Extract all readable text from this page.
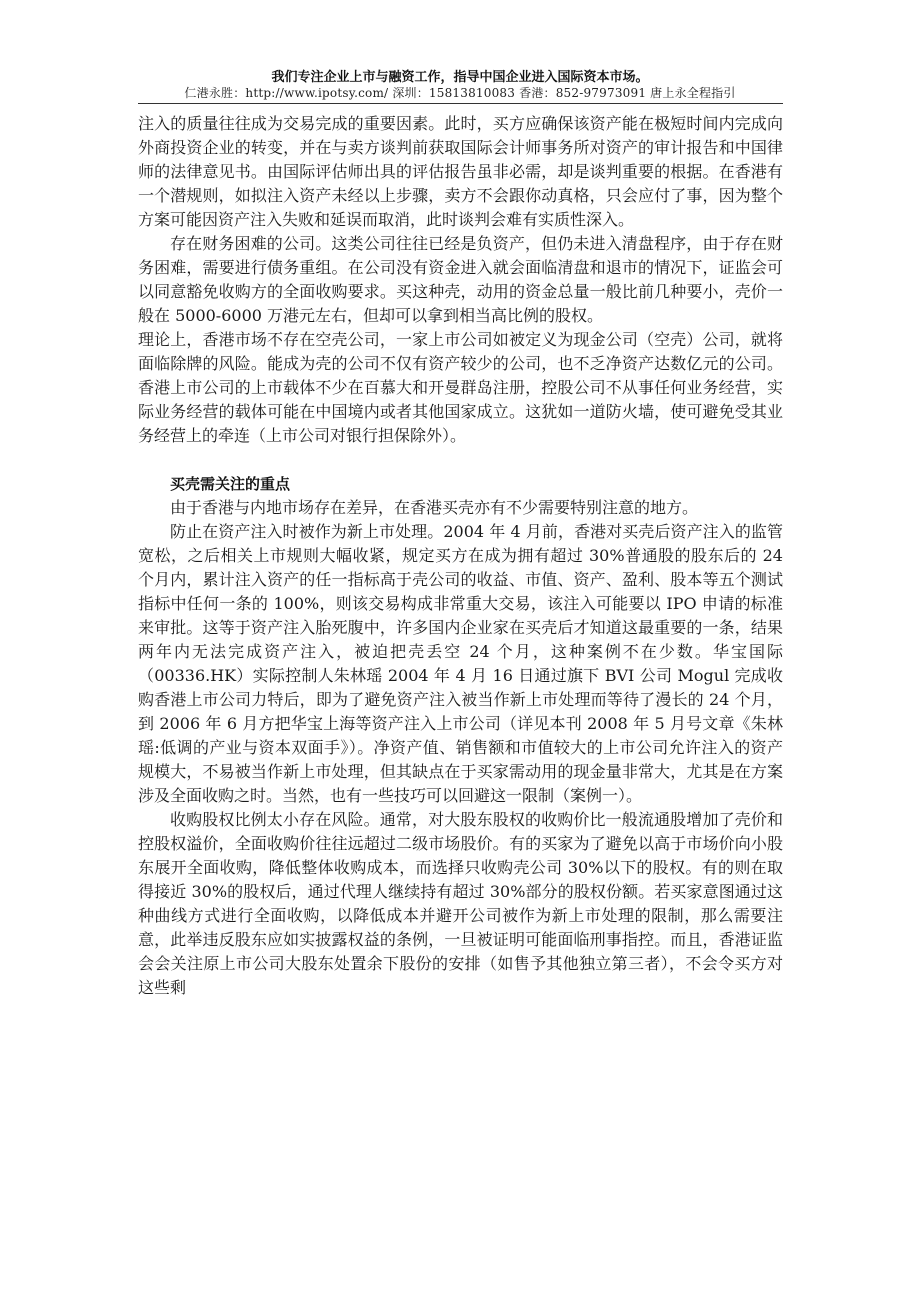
我们专注企业上市与融资工作，指导中国企业进入国际资本市场。
仁港永胜：http://www.ipotsy.com/ 深圳：15813810083 香港：852-97973091 唐上永全程指引

注入的质量往往成为交易完成的重要因素。此时，买方应确保该资产能在极短时间内完成向外商投资企业的转变，并在与卖方谈判前获取国际会计师事务所对资产的审计报告和中国律师的法律意见书。由国际评估师出具的评估报告虽非必需，却是谈判重要的根据。在香港有一个潜规则，如拟注入资产未经以上步骤，卖方不会跟你动真格，只会应付了事，因为整个方案可能因资产注入失败和延误而取消，此时谈判会难有实质性深入。

存在财务困难的公司。这类公司往往已经是负资产，但仍未进入清盘程序，由于存在财务困难，需要进行债务重组。在公司没有资金进入就会面临清盘和退市的情况下，证监会可以同意豁免收购方的全面收购要求。买这种壳，动用的资金总量一般比前几种要小，壳价一般在 5000-6000 万港元左右，但却可以拿到相当高比例的股权。

理论上，香港市场不存在空壳公司，一家上市公司如被定义为现金公司（空壳）公司，就将面临除牌的风险。能成为壳的公司不仅有资产较少的公司，也不乏净资产达数亿元的公司。香港上市公司的上市载体不少在百慕大和开曼群岛注册，控股公司不从事任何业务经营，实际业务经营的载体可能在中国境内或者其他国家成立。这犹如一道防火墙，使可避免受其业务经营上的牵连（上市公司对银行担保除外）。

买壳需关注的重点

由于香港与内地市场存在差异，在香港买壳亦有不少需要特别注意的地方。

防止在资产注入时被作为新上市处理。2004 年 4 月前，香港对买壳后资产注入的监管宽松，之后相关上市规则大幅收紧，规定买方在成为拥有超过 30%普通股的股东后的 24 个月内，累计注入资产的任一指标高于壳公司的收益、市值、资产、盈利、股本等五个测试指标中任何一条的 100%，则该交易构成非常重大交易，该注入可能要以 IPO 申请的标准来审批。这等于资产注入胎死腹中，许多国内企业家在买壳后才知道这最重要的一条，结果两年内无法完成资产注入，被迫把壳丢空 24 个月，这种案例不在少数。华宝国际（00336.HK）实际控制人朱林瑶 2004 年 4 月 16 日通过旗下 BVI 公司 Mogul 完成收购香港上市公司力特后，即为了避免资产注入被当作新上市处理而等待了漫长的 24 个月，到 2006 年 6 月方把华宝上海等资产注入上市公司（详见本刊 2008 年 5 月号文章《朱林瑶:低调的产业与资本双面手》）。净资产值、销售额和市值较大的上市公司允许注入的资产规模大，不易被当作新上市处理，但其缺点在于买家需动用的现金量非常大，尤其是在方案涉及全面收购之时。当然，也有一些技巧可以回避这一限制（案例一）。

收购股权比例太小存在风险。通常，对大股东股权的收购价比一般流通股增加了壳价和控股权溢价，全面收购价往往远超过二级市场股价。有的买家为了避免以高于市场价向小股东展开全面收购，降低整体收购成本，而选择只收购壳公司 30%以下的股权。有的则在取得接近 30%的股权后，通过代理人继续持有超过 30%部分的股权份额。若买家意图通过这种曲线方式进行全面收购，以降低成本并避开公司被作为新上市处理的限制，那么需要注意，此举违反股东应如实披露权益的条例，一旦被证明可能面临刑事指控。而且，香港证监会会关注原上市公司大股东处置余下股份的安排（如售予其他独立第三者），不会令买方对这些剩
